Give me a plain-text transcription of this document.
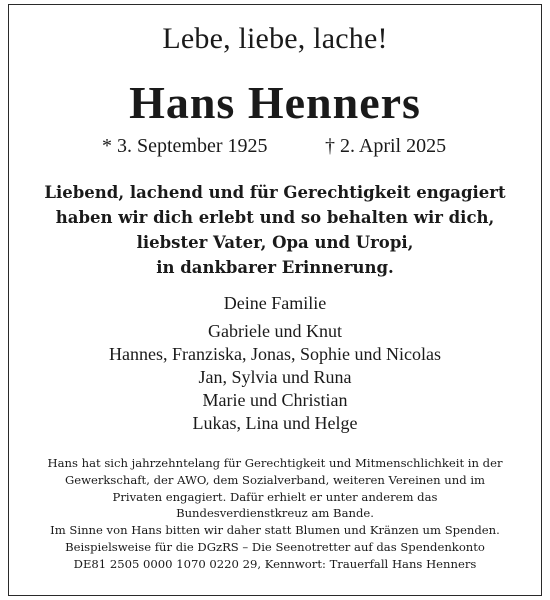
Lebe, liebe, lache!
Hans Henners
* 3. September 1925	† 2. April 2025
Liebend, lachend und für Gerechtigkeit engagiert
haben wir dich erlebt und so behalten wir dich,
liebster Vater, Opa und Uropi,
in dankbarer Erinnerung.
Deine Familie
Gabriele und Knut
Hannes, Franziska, Jonas, Sophie und Nicolas
Jan, Sylvia und Runa
Marie und Christian
Lukas, Lina und Helge
Hans hat sich jahrzehntelang für Gerechtigkeit und Mitmenschlichkeit in der
Gewerkschaft, der AWO, dem Sozialverband, weiteren Vereinen und im
Privaten engagiert. Dafür erhielt er unter anderem das
Bundesverdienstkreuz am Bande.
Im Sinne von Hans bitten wir daher statt Blumen und Kränzen um Spenden.
Beispielsweise für die DGzRS – Die Seenotretter auf das Spendenkonto
DE81 2505 0000 1070 0220 29, Kennwort: Trauerfall Hans Henners
